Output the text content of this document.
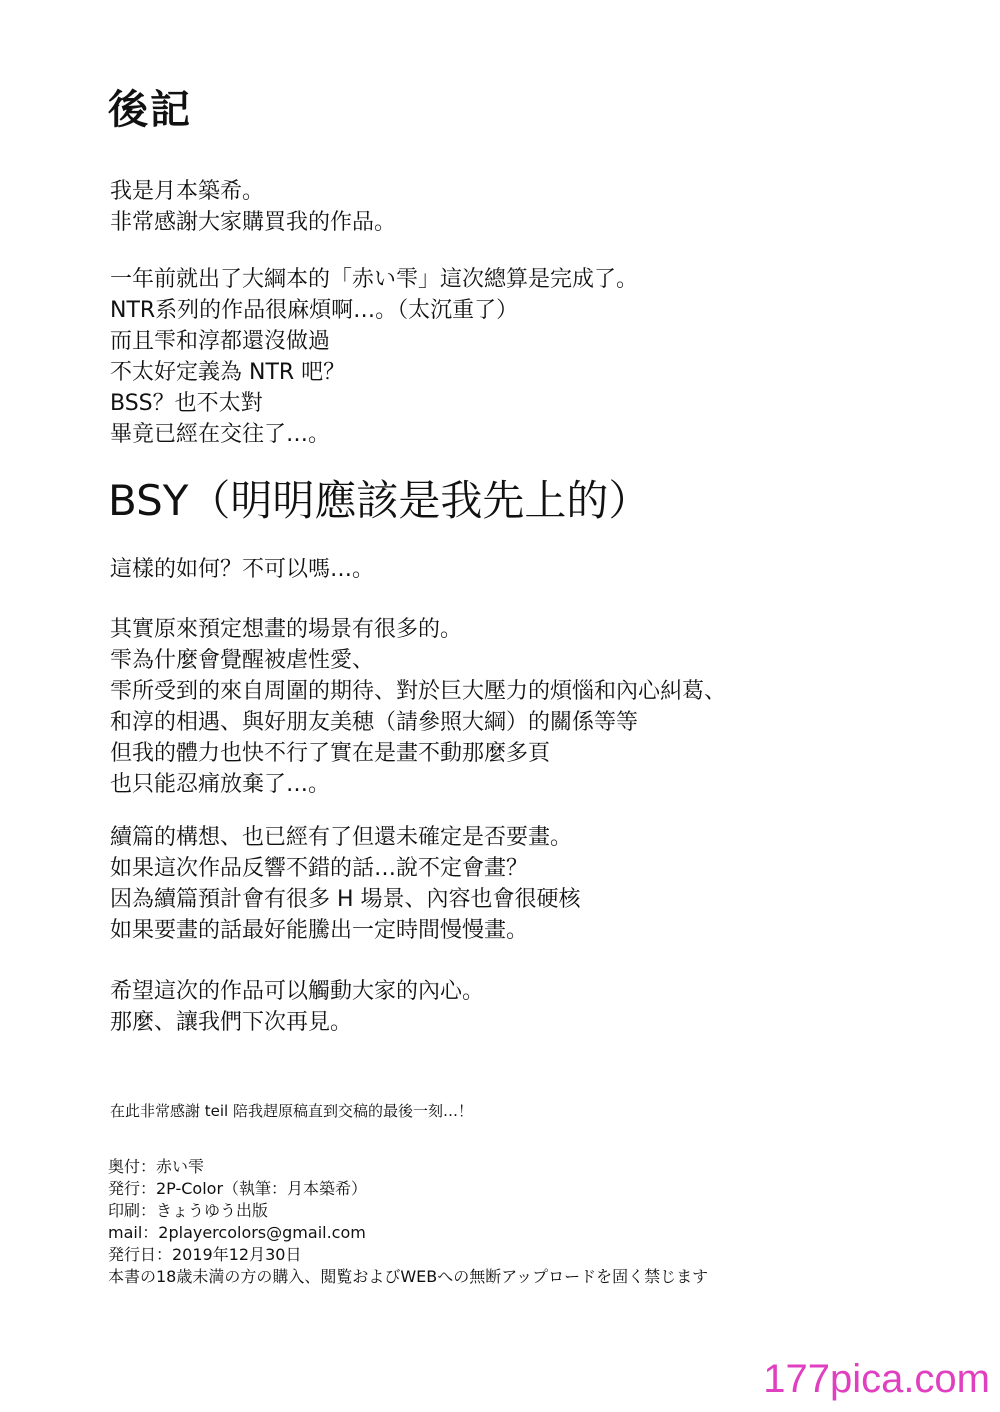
後記
我是月本築希。
非常感謝大家購買我的作品。
一年前就出了大綱本的「赤い雫」這次總算是完成了。
NTR系列的作品很麻煩啊…。（太沉重了）
而且雫和淳都還沒做過
不太好定義為 NTR 吧？
BSS？也不太對
畢竟已經在交往了…。
BSY（明明應該是我先上的）
這樣的如何？不可以嗎…。
其實原來預定想畫的場景有很多的。
雫為什麼會覺醒被虐性愛、
雫所受到的來自周圍的期待、對於巨大壓力的煩惱和內心糾葛、
和淳的相遇、與好朋友美穂（請參照大綱）的關係等等
但我的體力也快不行了實在是畫不動那麼多頁
也只能忍痛放棄了…。
續篇的構想、也已經有了但還未確定是否要畫。
如果這次作品反響不錯的話…說不定會畫？
因為續篇預計會有很多 H 場景、內容也會很硬核
如果要畫的話最好能騰出一定時間慢慢畫。
希望這次的作品可以觸動大家的內心。
那麼、讓我們下次再見。
在此非常感謝 teil 陪我趕原稿直到交稿的最後一刻…！
奥付：赤い雫
発行：2P-Color（執筆：月本築希）
印刷：きょうゆう出版
mail：2playercolors@gmail.com
発行日：2019年12月30日
本書の18歳未満の方の購入、閲覧およびWEBへの無断アップロードを固く禁じます
177pica.com
